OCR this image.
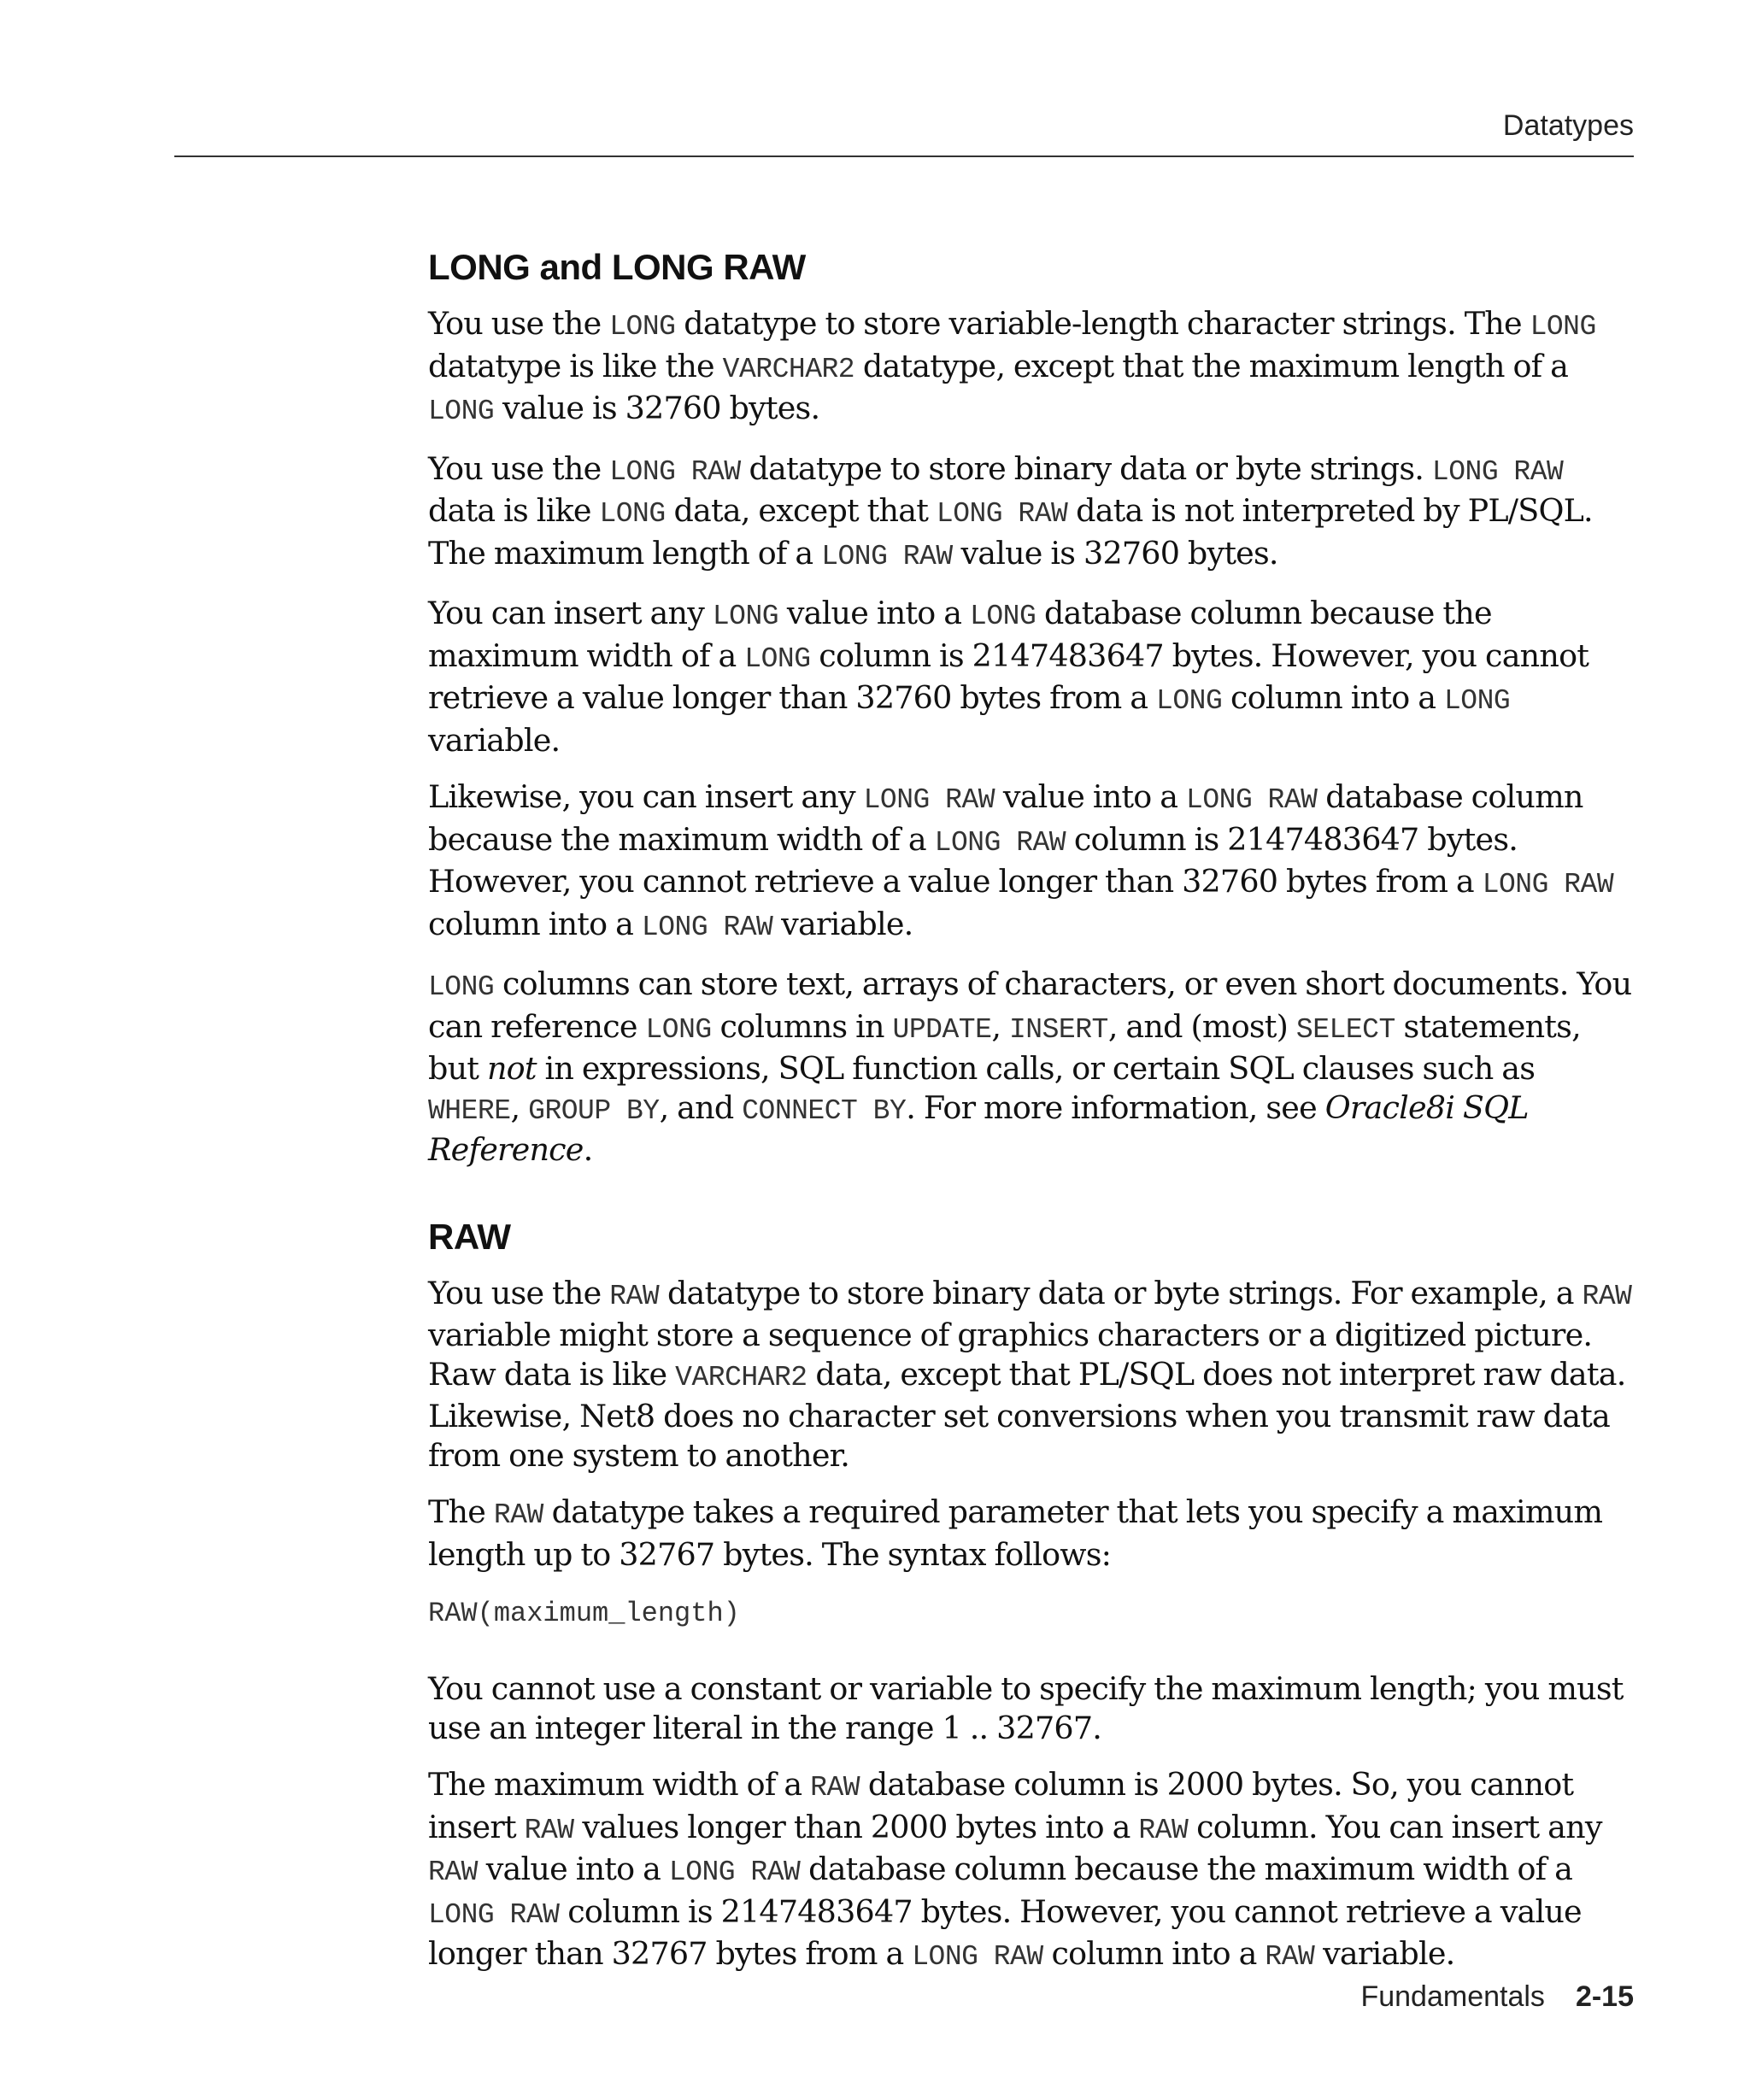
Datatypes
LONG and LONG RAW

You use the LONG datatype to store variable-length character strings. The LONG datatype is like the VARCHAR2 datatype, except that the maximum length of a LONG value is 32760 bytes.

You use the LONG RAW datatype to store binary data or byte strings. LONG RAW data is like LONG data, except that LONG RAW data is not interpreted by PL/SQL. The maximum length of a LONG RAW value is 32760 bytes.

You can insert any LONG value into a LONG database column because the maximum width of a LONG column is 2147483647 bytes. However, you cannot retrieve a value longer than 32760 bytes from a LONG column into a LONG variable.

Likewise, you can insert any LONG RAW value into a LONG RAW database column because the maximum width of a LONG RAW column is 2147483647 bytes. However, you cannot retrieve a value longer than 32760 bytes from a LONG RAW column into a LONG RAW variable.

LONG columns can store text, arrays of characters, or even short documents. You can reference LONG columns in UPDATE, INSERT, and (most) SELECT statements, but not in expressions, SQL function calls, or certain SQL clauses such as WHERE, GROUP BY, and CONNECT BY. For more information, see Oracle8i SQL Reference.

RAW

You use the RAW datatype to store binary data or byte strings. For example, a RAW variable might store a sequence of graphics characters or a digitized picture. Raw data is like VARCHAR2 data, except that PL/SQL does not interpret raw data. Likewise, Net8 does no character set conversions when you transmit raw data from one system to another.

The RAW datatype takes a required parameter that lets you specify a maximum length up to 32767 bytes. The syntax follows:

RAW(maximum_length)

You cannot use a constant or variable to specify the maximum length; you must use an integer literal in the range 1 .. 32767.

The maximum width of a RAW database column is 2000 bytes. So, you cannot insert RAW values longer than 2000 bytes into a RAW column. You can insert any RAW value into a LONG RAW database column because the maximum width of a LONG RAW column is 2147483647 bytes. However, you cannot retrieve a value longer than 32767 bytes from a LONG RAW column into a RAW variable.

Fundamentals 2-15
